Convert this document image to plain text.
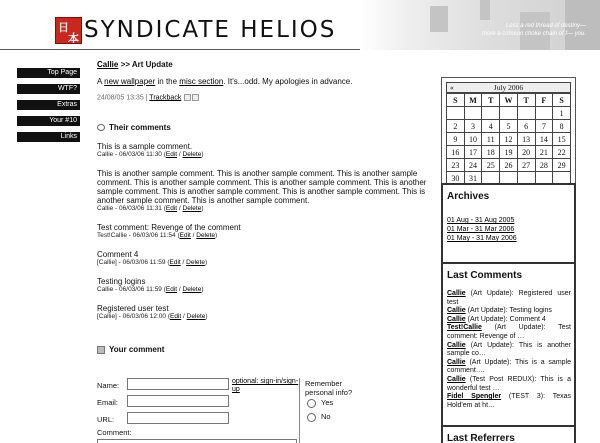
日
本 SYNDICATE HELIOS	Less a red thread of destiny—
more a crimson choke chain of f— you.
Top Page
WTF?
Extras
Your #10
Links
Callie >> Art Update
A new wallpaper in the misc section. It's...odd. My apologies in advance.
24/08/05 13:35 | Trackback
Their comments
This is a sample comment.
Callie - 06/03/06 11:30 (Edit / Delete)
This is another sample comment. This is another sample comment. This is another sample comment. This is another sample comment. This is another sample comment. This is another sample comment. This is another sample comment. This is another sample comment. This is another sample comment. This is another sample comment.
Callie - 06/03/06 11:31 (Edit / Delete)
Test comment: Revenge of the comment
Test!Callie - 06/03/06 11:54 (Edit / Delete)
Comment 4
[Callie] - 06/03/06 11:59 (Edit / Delete)
Testing logins
Callie - 06/03/06 11:59 (Edit / Delete)
Registered user test
[Callie] - 06/03/06 12:00 (Edit / Delete)
Your comment
Name:	optional: sign-in/sign-up
Email:
URL:
Comment:
Remember personal info?
Yes
No
«	July 2006
S	M	T	W	T	F	S
						1
2	3	4	5	6	7	8
9	10	11	12	13	14	15
16	17	18	19	20	21	22
23	24	25	26	27	28	29
30	31					
Archives
01 Aug - 31 Aug 2005
01 Mar - 31 Mar 2006
01 May - 31 May 2006
Last Comments
Callie (Art Update): Registered user test
Callie (Art Update): Testing logins
Callie (Art Update): Comment 4
Test!Callie (Art Update): Test comment: Revenge of …
Callie (Art Update): This is another sample co…
Callie (Art Update): This is a sample comment….
Callie (Test Post REDUX): This is a wonderful test …
Fidel Spengler (TEST 3): Texas Hold'em at ht…
Last Referrers
